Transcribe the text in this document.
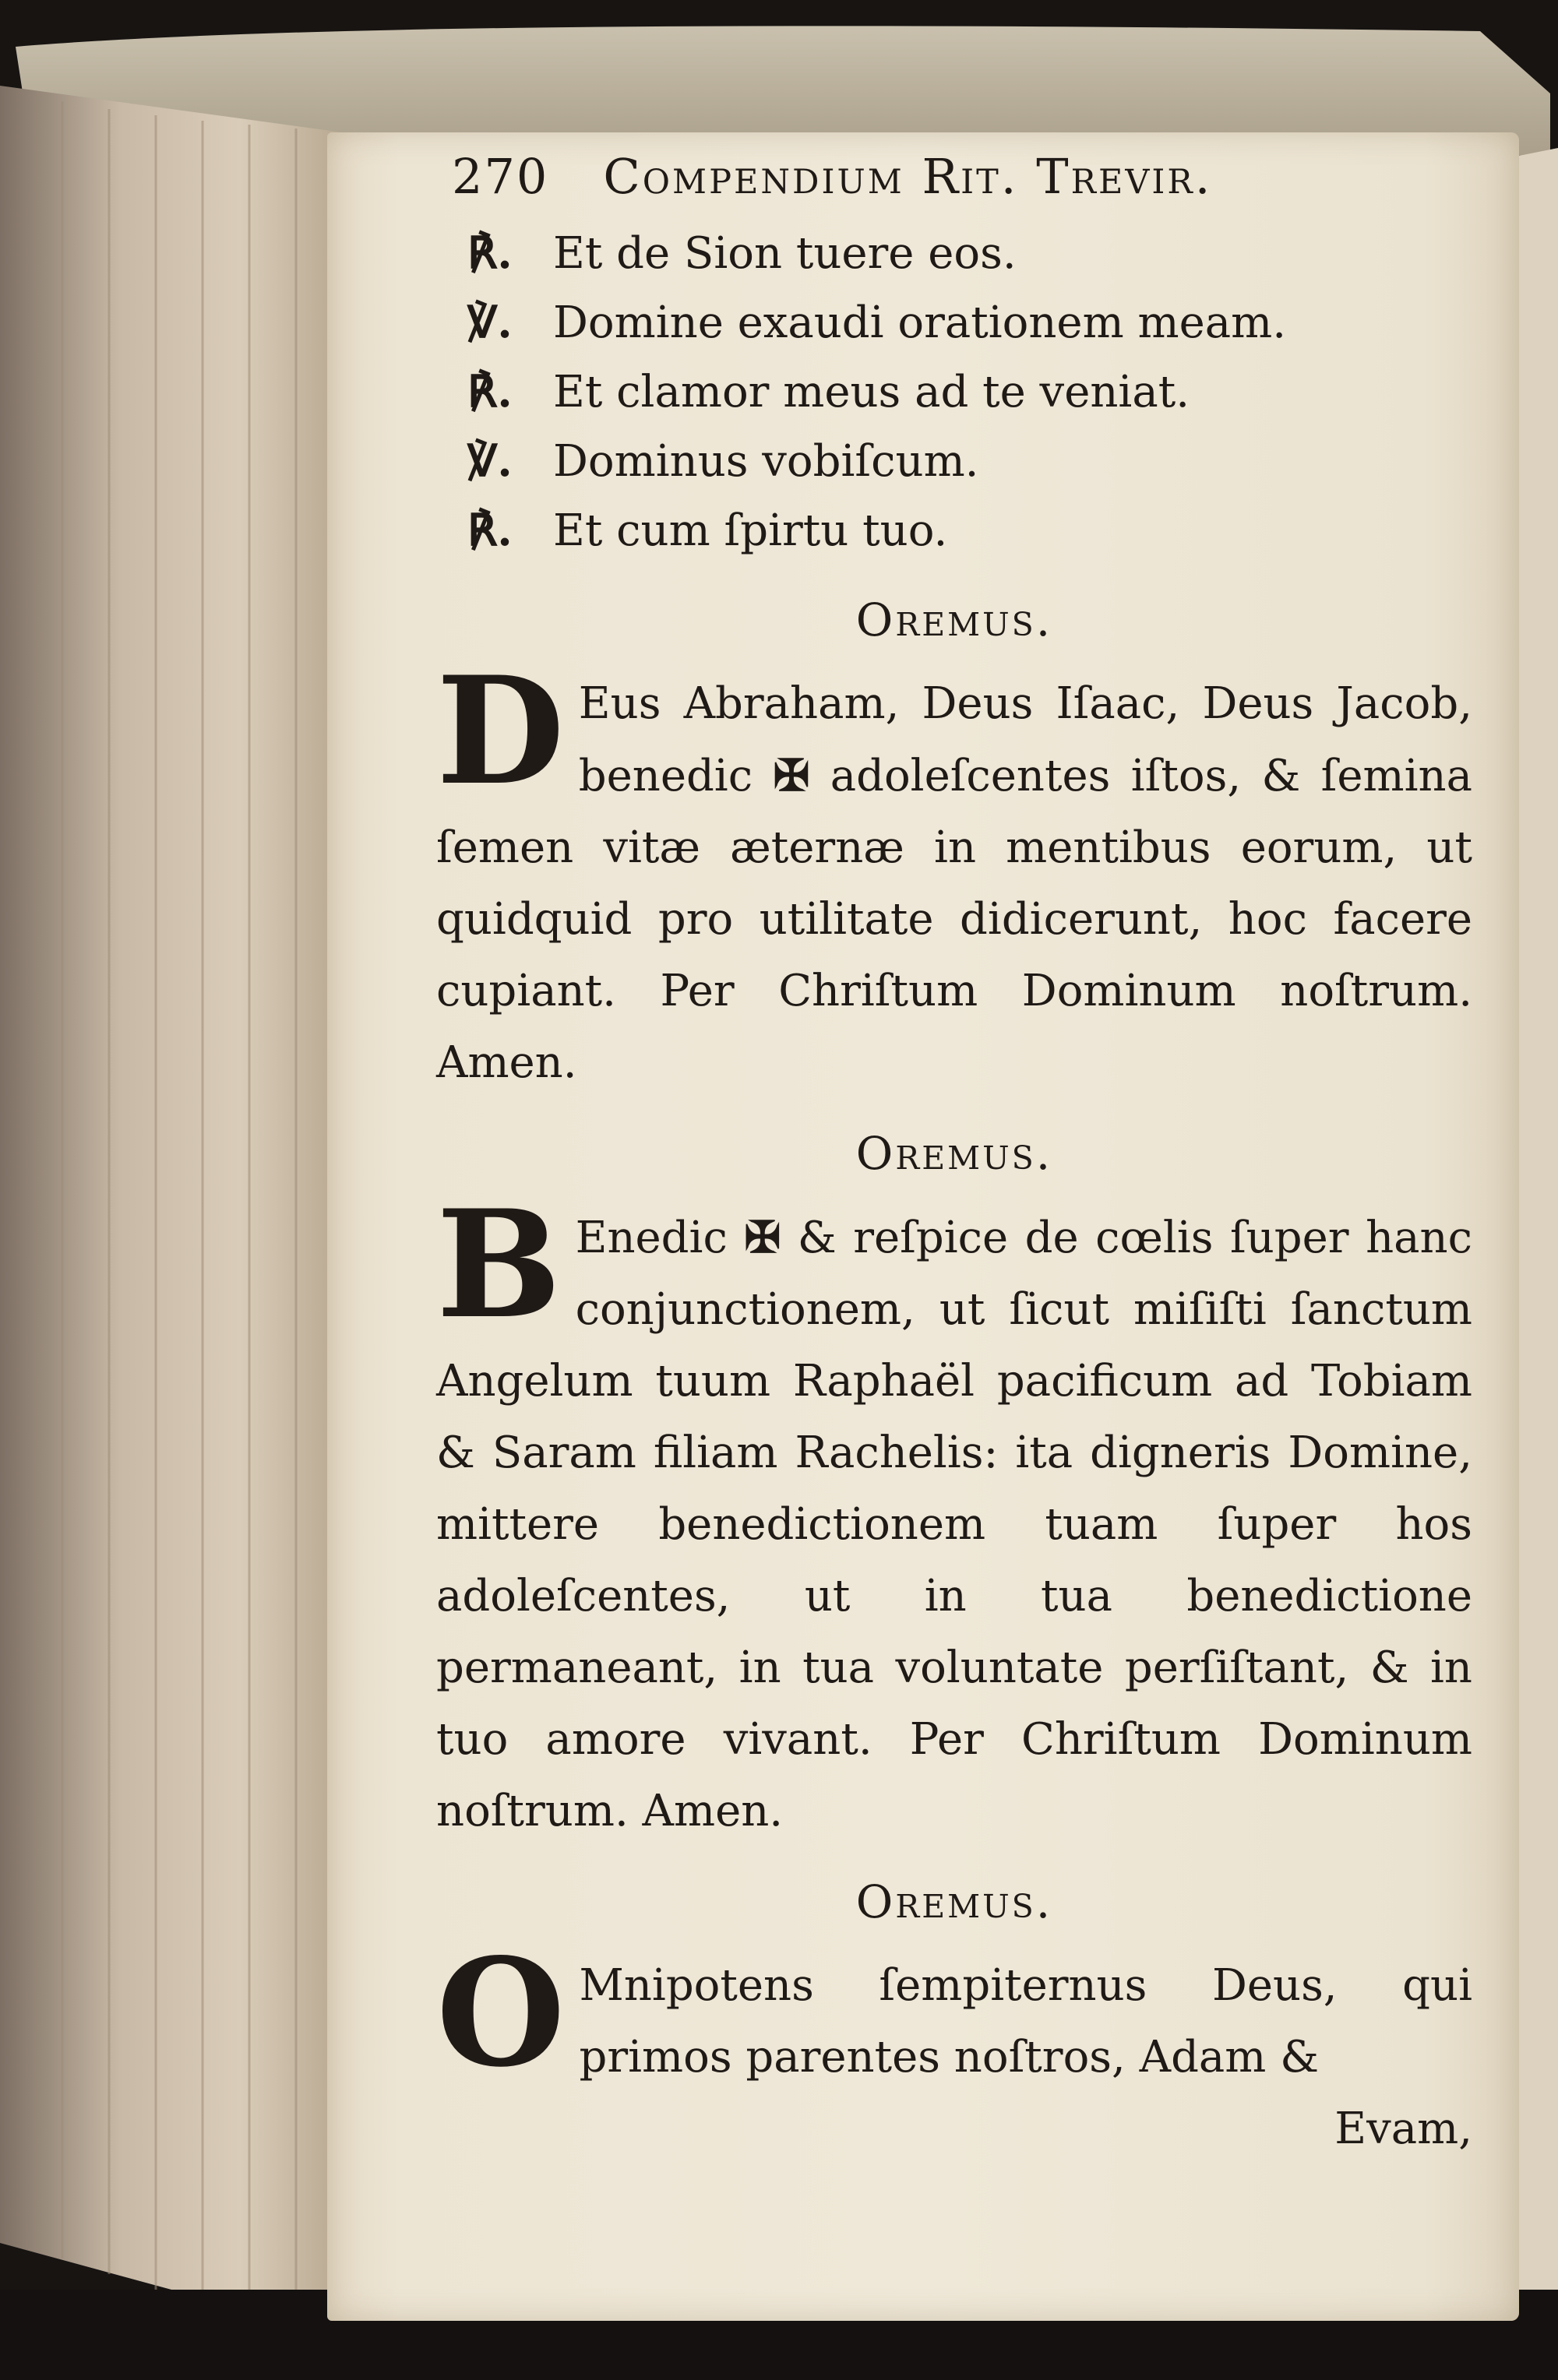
270 Compendium Rit. Trevir.
℟. Et de Sion tuere eos.
℣. Domine exaudi orationem meam.
℟. Et clamor meus ad te veniat.
℣. Dominus vobiſcum.
℟. Et cum ſpirtu tuo.
Oremus.
D Eus Abraham, Deus Iſaac, Deus Jacob, benedic ✠ adoleſcentes iſtos, & ſemina ſemen vitæ æternæ in mentibus eorum, ut quidquid pro utilitate didicerunt, hoc facere cupiant. Per Chriſtum Dominum noſtrum. Amen.
Oremus.
B Enedic ✠ & reſpice de cœlis ſuper hanc conjunctionem, ut ſicut miſiſti ſanctum Angelum tuum Raphaël pacificum ad Tobiam & Saram filiam Rachelis: ita digneris Domine, mittere benedictionem tuam ſuper hos adoleſcentes, ut in tua benedictione permaneant, in tua voluntate perſiſtant, & in tuo amore vivant. Per Chriſtum Dominum noſtrum. Amen.
Oremus.
O Mnipotens ſempiternus Deus, qui primos parentes noſtros, Adam &
Evam,
